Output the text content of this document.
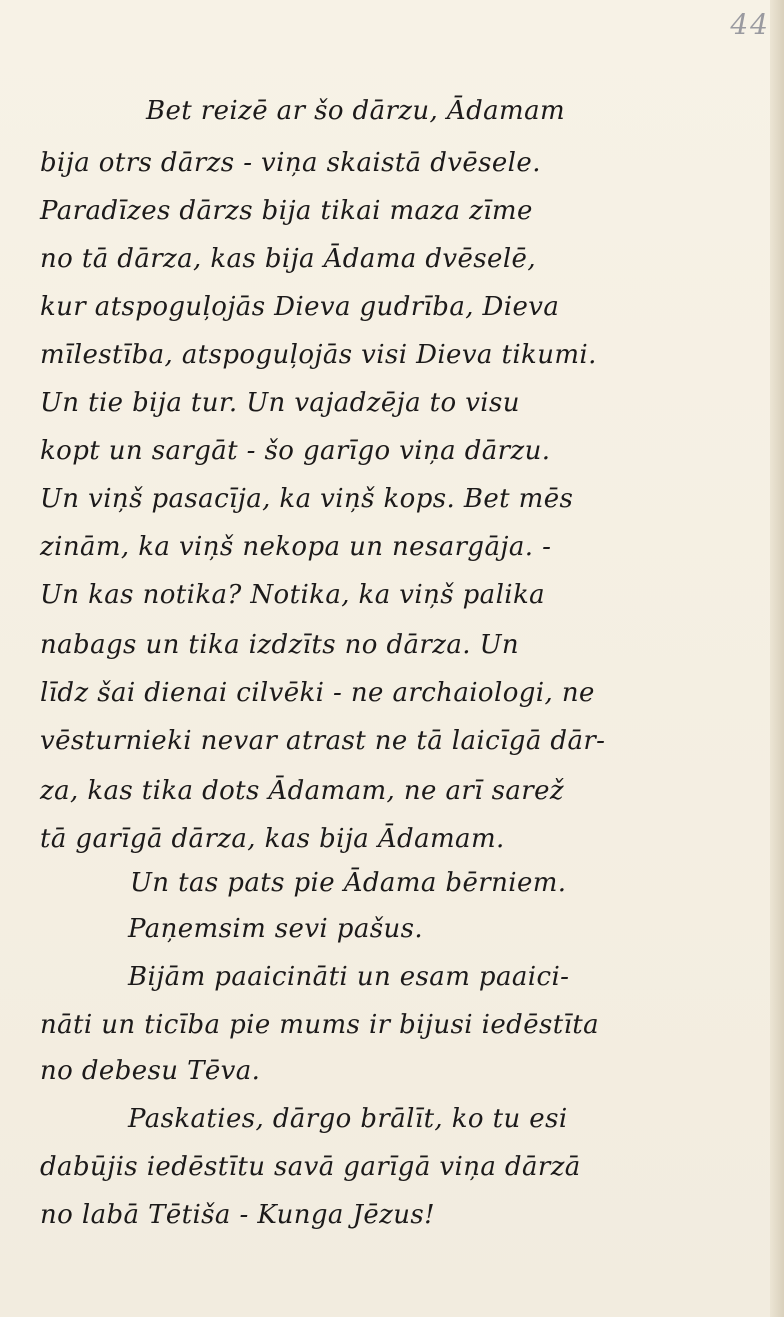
44
Bet reizē ar šo dārzu, Ādamam
bija otrs dārzs - viņa skaistā dvēsele.
Paradīzes dārzs bija tikai maza zīme
no tā dārza, kas bija Ādama dvēselē,
kur atspoguļojās Dieva gudrība, Dieva
mīlestība, atspoguļojās visi Dieva tikumi.
Un tie bija tur. Un vajadzēja to visu
kopt un sargāt - šo garīgo viņa dārzu.
Un viņš pasacīja, ka viņš kops. Bet mēs
zinām, ka viņš nekopa un nesargāja. -
Un kas notika? Notika, ka viņš palika
nabags un tika izdzīts no dārza. Un
līdz šai dienai cilvēki - ne archaiologi, ne
vēsturnieki nevar atrast ne tā laicīgā dār-
za, kas tika dots Ādamam, ne arī sarež
tā garīgā dārza, kas bija Ādamam.
Un tas pats pie Ādama bērniem.
Paņemsim sevi pašus.
Bijām paaicināti un esam paaici-
nāti un ticība pie mums ir bijusi iedēstīta
no debesu Tēva.
Paskaties, dārgo brālīt, ko tu esi
dabūjis iedēstītu savā garīgā viņa dārzā
no labā Tētiša - Kunga Jēzus!
